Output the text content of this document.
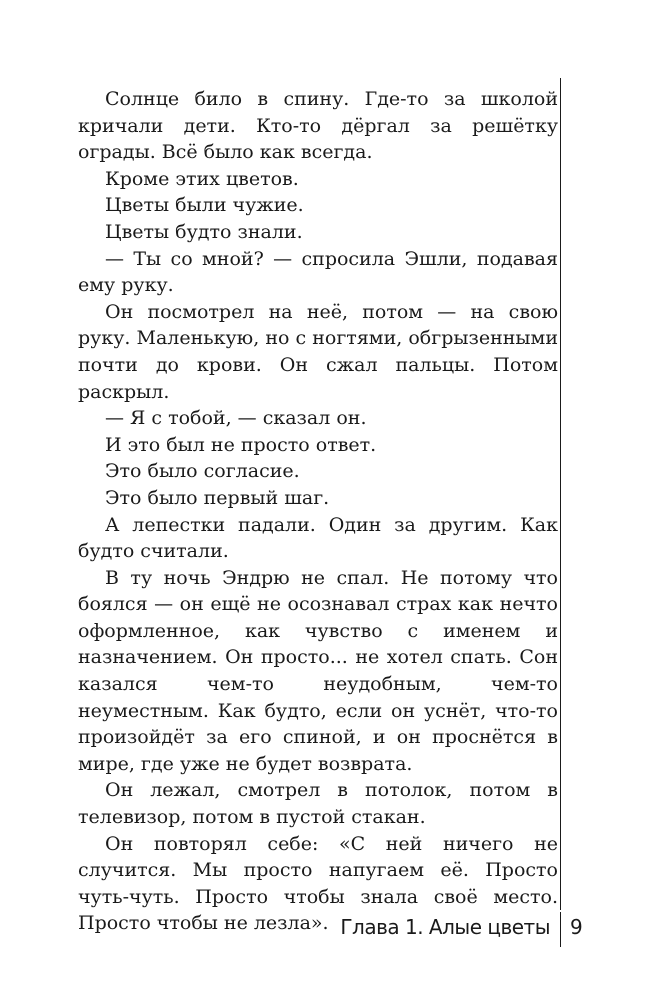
Солнце било в спину. Где-то за школой кричали дети. Кто-то дёргал за решётку ограды. Всё было как всегда.

Кроме этих цветов.

Цветы были чужие.

Цветы будто знали.

— Ты со мной? — спросила Эшли, подавая ему руку.

Он посмотрел на неё, потом — на свою руку. Маленькую, но с ногтями, обгрызенными почти до крови. Он сжал пальцы. Потом раскрыл.

— Я с тобой, — сказал он.

И это был не просто ответ.

Это было согласие.

Это было первый шаг.

А лепестки падали. Один за другим. Как будто считали.

В ту ночь Эндрю не спал. Не потому что боялся — он ещё не осознавал страх как нечто оформленное, как чувство с именем и назначением. Он просто... не хотел спать. Сон казался чем-то неудобным, чем-то неуместным. Как будто, если он уснёт, что-то произойдёт за его спиной, и он проснётся в мире, где уже не будет возврата.

Он лежал, смотрел в потолок, потом в телевизор, потом в пустой стакан.

Он повторял себе: «С ней ничего не случится. Мы просто напугаем её. Просто чуть-чуть. Просто чтобы знала своё место. Просто чтобы не лезла». Глава 1. Алые цветы 9
